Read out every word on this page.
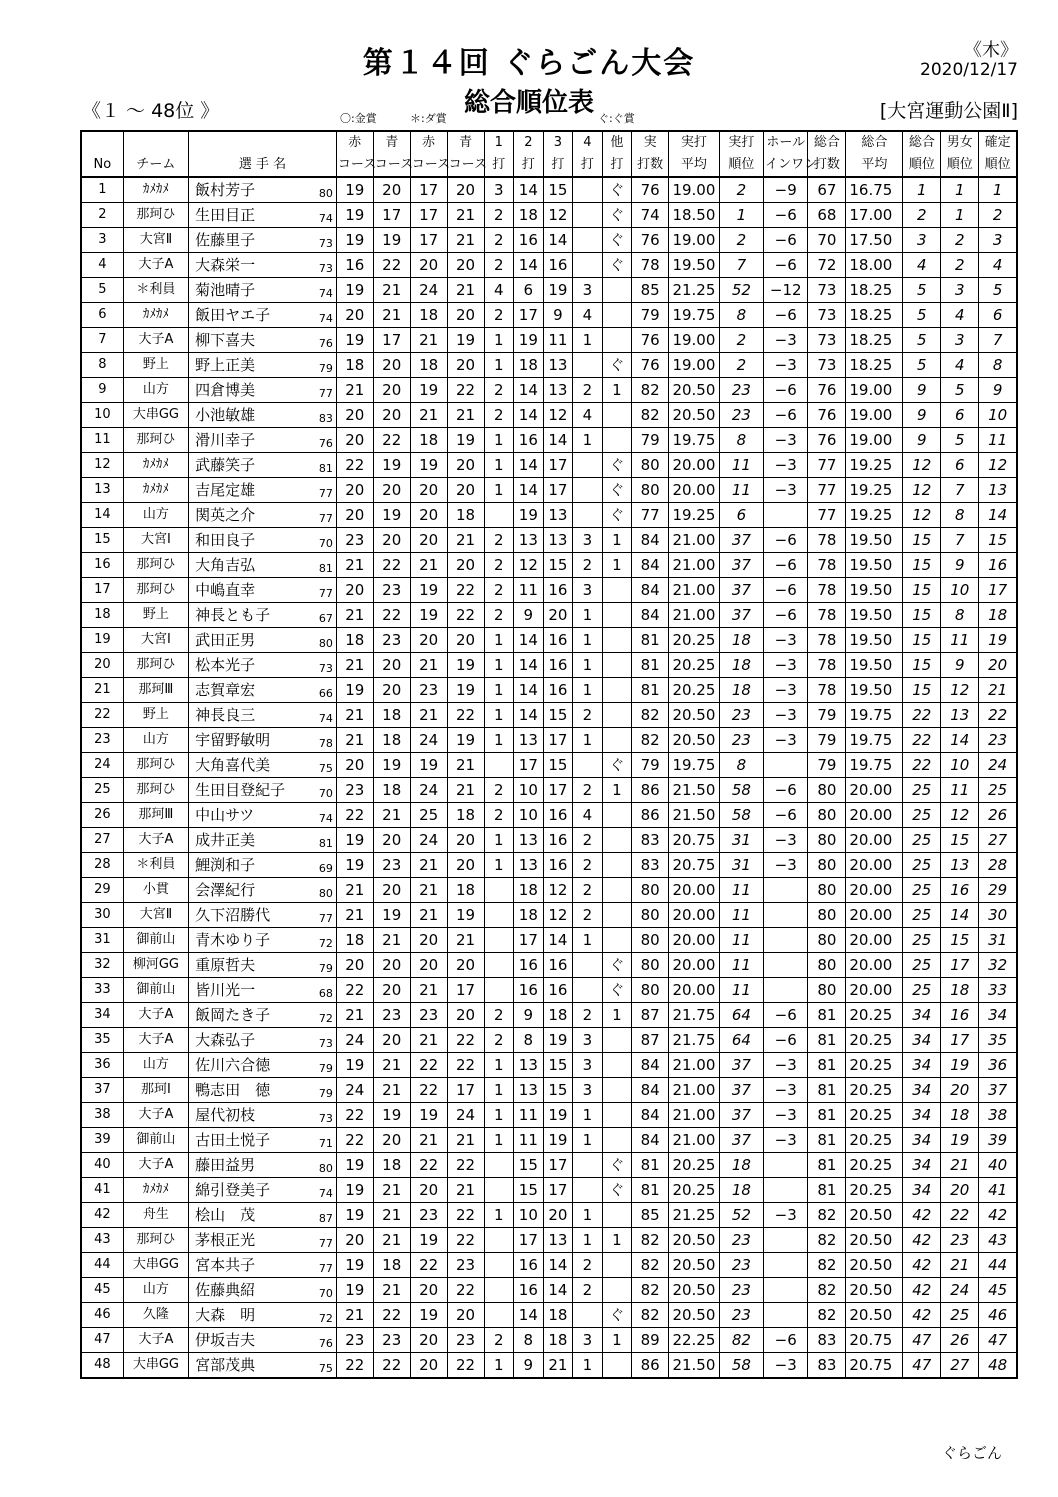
第１４回 ぐらごん大会
総合順位表
《木》
2020/12/17
《１ ～ 48位 》	[大宮運動公園Ⅱ]
〇:金賞	＊:ダ賞	ぐ:ぐ賞
				赤	青	赤	青	1	2	3	4	他	実	実打	実打	ホール	総合	総合	総合	男女	確定
No	チーム	選 手 名		コース	コース	コース	コース	打	打	打	打	打	打数	平均	順位	インワン	打数	平均	順位	順位	順位
1	ｶﾒｶﾒ	飯村芳子	80	19	20	17	20	3	14	15		ぐ	76	19.00	2	−9	67	16.75	1	1	1
2	那珂ひ	生田目正	74	19	17	17	21	2	18	12		ぐ	74	18.50	1	−6	68	17.00	2	1	2
3	大宮Ⅱ	佐藤里子	73	19	19	17	21	2	16	14		ぐ	76	19.00	2	−6	70	17.50	3	2	3
4	大子A	大森栄一	73	16	22	20	20	2	14	16		ぐ	78	19.50	7	−6	72	18.00	4	2	4
5	＊利員	菊池晴子	74	19	21	24	21	4	6	19	3		85	21.25	52	−12	73	18.25	5	3	5
6	ｶﾒｶﾒ	飯田ヤエ子	74	20	21	18	20	2	17	9	4		79	19.75	8	−6	73	18.25	5	4	6
7	大子A	柳下喜夫	76	19	17	21	19	1	19	11	1		76	19.00	2	−3	73	18.25	5	3	7
8	野上	野上正美	79	18	20	18	20	1	18	13		ぐ	76	19.00	2	−3	73	18.25	5	4	8
9	山方	四倉博美	77	21	20	19	22	2	14	13	2	1	82	20.50	23	−6	76	19.00	9	5	9
10	大串GG	小池敏雄	83	20	20	21	21	2	14	12	4		82	20.50	23	−6	76	19.00	9	6	10
11	那珂ひ	滑川幸子	76	20	22	18	19	1	16	14	1		79	19.75	8	−3	76	19.00	9	5	11
12	ｶﾒｶﾒ	武藤笑子	81	22	19	19	20	1	14	17		ぐ	80	20.00	11	−3	77	19.25	12	6	12
13	ｶﾒｶﾒ	吉尾定雄	77	20	20	20	20	1	14	17		ぐ	80	20.00	11	−3	77	19.25	12	7	13
14	山方	関英之介	77	20	19	20	18		19	13		ぐ	77	19.25	6		77	19.25	12	8	14
15	大宮Ⅰ	和田良子	70	23	20	20	21	2	13	13	3	1	84	21.00	37	−6	78	19.50	15	7	15
16	那珂ひ	大角吉弘	81	21	22	21	20	2	12	15	2	1	84	21.00	37	−6	78	19.50	15	9	16
17	那珂ひ	中嶋直幸	77	20	23	19	22	2	11	16	3		84	21.00	37	−6	78	19.50	15	10	17
18	野上	神長とも子	67	21	22	19	22	2	9	20	1		84	21.00	37	−6	78	19.50	15	8	18
19	大宮Ⅰ	武田正男	80	18	23	20	20	1	14	16	1		81	20.25	18	−3	78	19.50	15	11	19
20	那珂ひ	松本光子	73	21	20	21	19	1	14	16	1		81	20.25	18	−3	78	19.50	15	9	20
21	那珂Ⅲ	志賀章宏	66	19	20	23	19	1	14	16	1		81	20.25	18	−3	78	19.50	15	12	21
22	野上	神長良三	74	21	18	21	22	1	14	15	2		82	20.50	23	−3	79	19.75	22	13	22
23	山方	宇留野敏明	78	21	18	24	19	1	13	17	1		82	20.50	23	−3	79	19.75	22	14	23
24	那珂ひ	大角喜代美	75	20	19	19	21		17	15		ぐ	79	19.75	8		79	19.75	22	10	24
25	那珂ひ	生田目登紀子	70	23	18	24	21	2	10	17	2	1	86	21.50	58	−6	80	20.00	25	11	25
26	那珂Ⅲ	中山サツ	74	22	21	25	18	2	10	16	4		86	21.50	58	−6	80	20.00	25	12	26
27	大子A	成井正美	81	19	20	24	20	1	13	16	2		83	20.75	31	−3	80	20.00	25	15	27
28	＊利員	鯉渕和子	69	19	23	21	20	1	13	16	2		83	20.75	31	−3	80	20.00	25	13	28
29	小貫	会澤紀行	80	21	20	21	18		18	12	2		80	20.00	11		80	20.00	25	16	29
30	大宮Ⅱ	久下沼勝代	77	21	19	21	19		18	12	2		80	20.00	11		80	20.00	25	14	30
31	御前山	青木ゆり子	72	18	21	20	21		17	14	1		80	20.00	11		80	20.00	25	15	31
32	柳河GG	重原哲夫	79	20	20	20	20		16	16		ぐ	80	20.00	11		80	20.00	25	17	32
33	御前山	皆川光一	68	22	20	21	17		16	16		ぐ	80	20.00	11		80	20.00	25	18	33
34	大子A	飯岡たき子	72	21	23	23	20	2	9	18	2	1	87	21.75	64	−6	81	20.25	34	16	34
35	大子A	大森弘子	73	24	20	21	22	2	8	19	3		87	21.75	64	−6	81	20.25	34	17	35
36	山方	佐川六合徳	79	19	21	22	22	1	13	15	3		84	21.00	37	−3	81	20.25	34	19	36
37	那珂Ⅰ	鴨志田　徳	79	24	21	22	17	1	13	15	3		84	21.00	37	−3	81	20.25	34	20	37
38	大子A	屋代初枝	73	22	19	19	24	1	11	19	1		84	21.00	37	−3	81	20.25	34	18	38
39	御前山	古田土悦子	71	22	20	21	21	1	11	19	1		84	21.00	37	−3	81	20.25	34	19	39
40	大子A	藤田益男	80	19	18	22	22		15	17		ぐ	81	20.25	18		81	20.25	34	21	40
41	ｶﾒｶﾒ	綿引登美子	74	19	21	20	21		15	17		ぐ	81	20.25	18		81	20.25	34	20	41
42	舟生	桧山　茂	87	19	21	23	22	1	10	20	1		85	21.25	52	−3	82	20.50	42	22	42
43	那珂ひ	茅根正光	77	20	21	19	22		17	13	1	1	82	20.50	23		82	20.50	42	23	43
44	大串GG	宮本共子	77	19	18	22	23		16	14	2		82	20.50	23		82	20.50	42	21	44
45	山方	佐藤典紹	70	19	21	20	22		16	14	2		82	20.50	23		82	20.50	42	24	45
46	久隆	大森　明	72	21	22	19	20		14	18		ぐ	82	20.50	23		82	20.50	42	25	46
47	大子A	伊坂吉夫	76	23	23	20	23	2	8	18	3	1	89	22.25	82	−6	83	20.75	47	26	47
48	大串GG	宮部茂典	75	22	22	20	22	1	9	21	1		86	21.50	58	−3	83	20.75	47	27	48
ぐらごん
